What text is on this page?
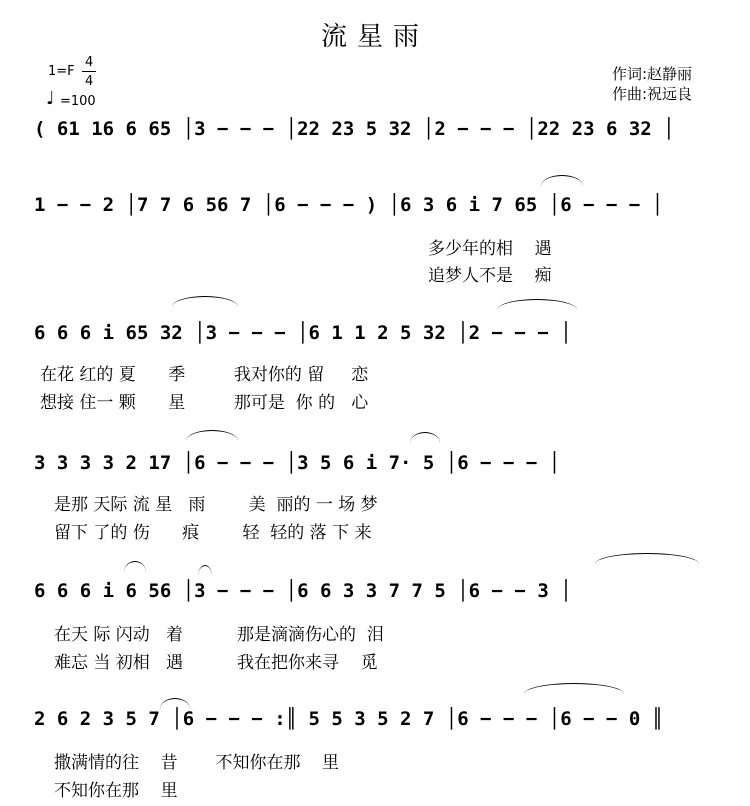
流星雨
1=F
4
4
♩ =100
作词:赵静丽
作曲:祝远良
( 61 16 6 65 │3 − − − │22 23 5 32 │2 − − − │22 23 6 32 │
1 − − 2 │7 7 6 56 7 │6 − − − ) │6 3 6 i 7 65 │6 − − − │
多少年的相    遇
追梦人不是    痴
6 6 6 i 65 32 │3 − − − │6 1 1 2 5 32 │2 − − − │
在花 红的 夏      季         我对你的 留     恋
想接 住一 颗      星         那可是  你 的   心
3 3 3 3 2 17 │6 − − − │3 5 6 i 7· 5 │6 − − − │
是那 天际 流 星   雨        美  丽的 一 场 梦
留下 了的 伤      痕        轻  轻的 落 下 来
6 6 6 i 6 56 │3 − − − │6 6 3 3 7 7 5 │6 − − 3 │
在天 际 闪动   着          那是滴滴伤心的  泪
难忘 当 初相   遇          我在把你来寻    觅
2 6 2 3 5 7 │6 − − − :║ 5 5 3 5 2 7 │6 − − − │6 − − 0 ║
撒满情的往    昔       不知你在那    里
不知你在那    里
